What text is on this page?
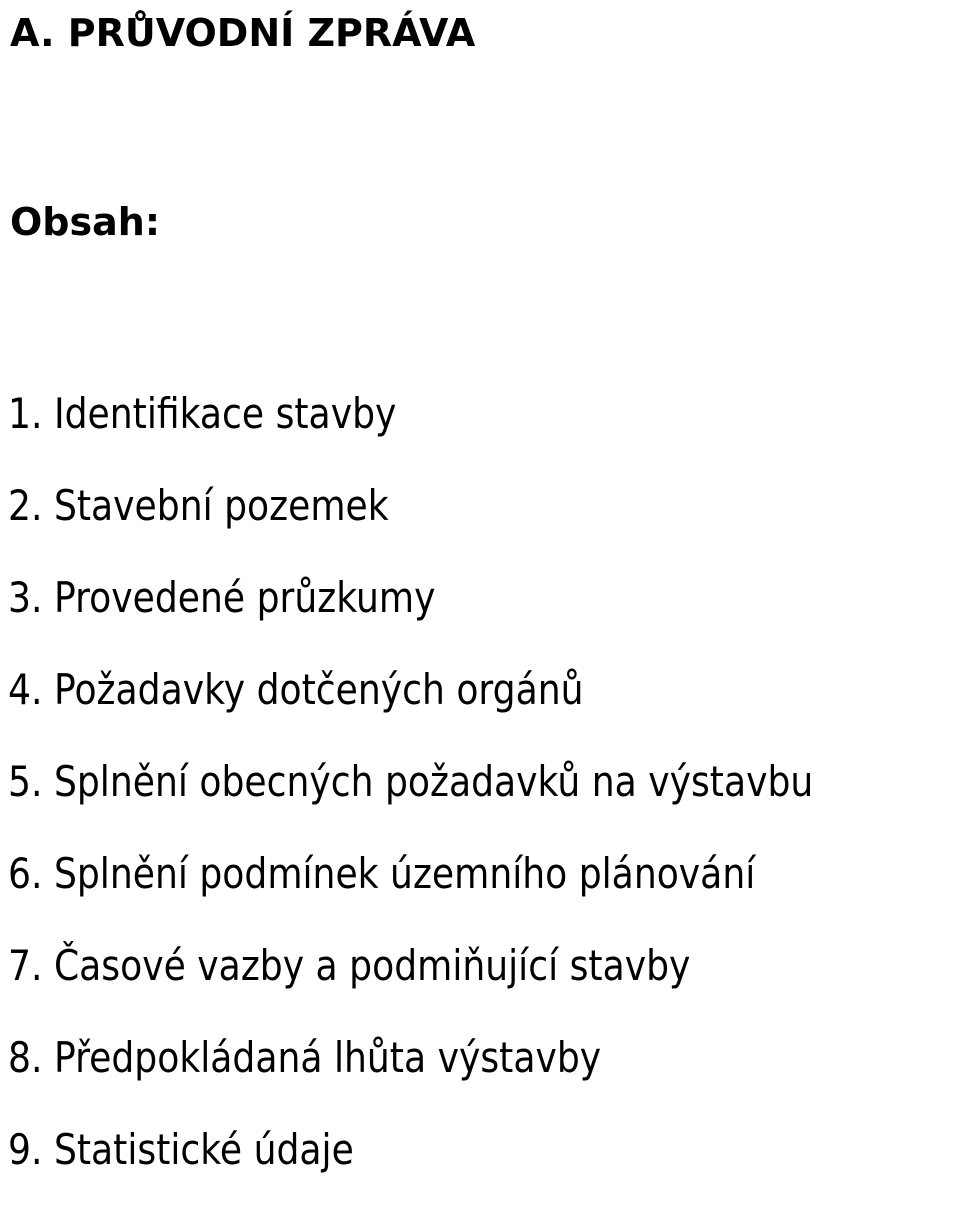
A. PRŮVODNÍ ZPRÁVA
Obsah:
1. Identifikace stavby
2. Stavební pozemek
3. Provedené průzkumy
4. Požadavky dotčených orgánů
5. Splnění obecných požadavků na výstavbu
6. Splnění podmínek územního plánování
7. Časové vazby a podmiňující stavby
8. Předpokládaná lhůta výstavby
9. Statistické údaje
